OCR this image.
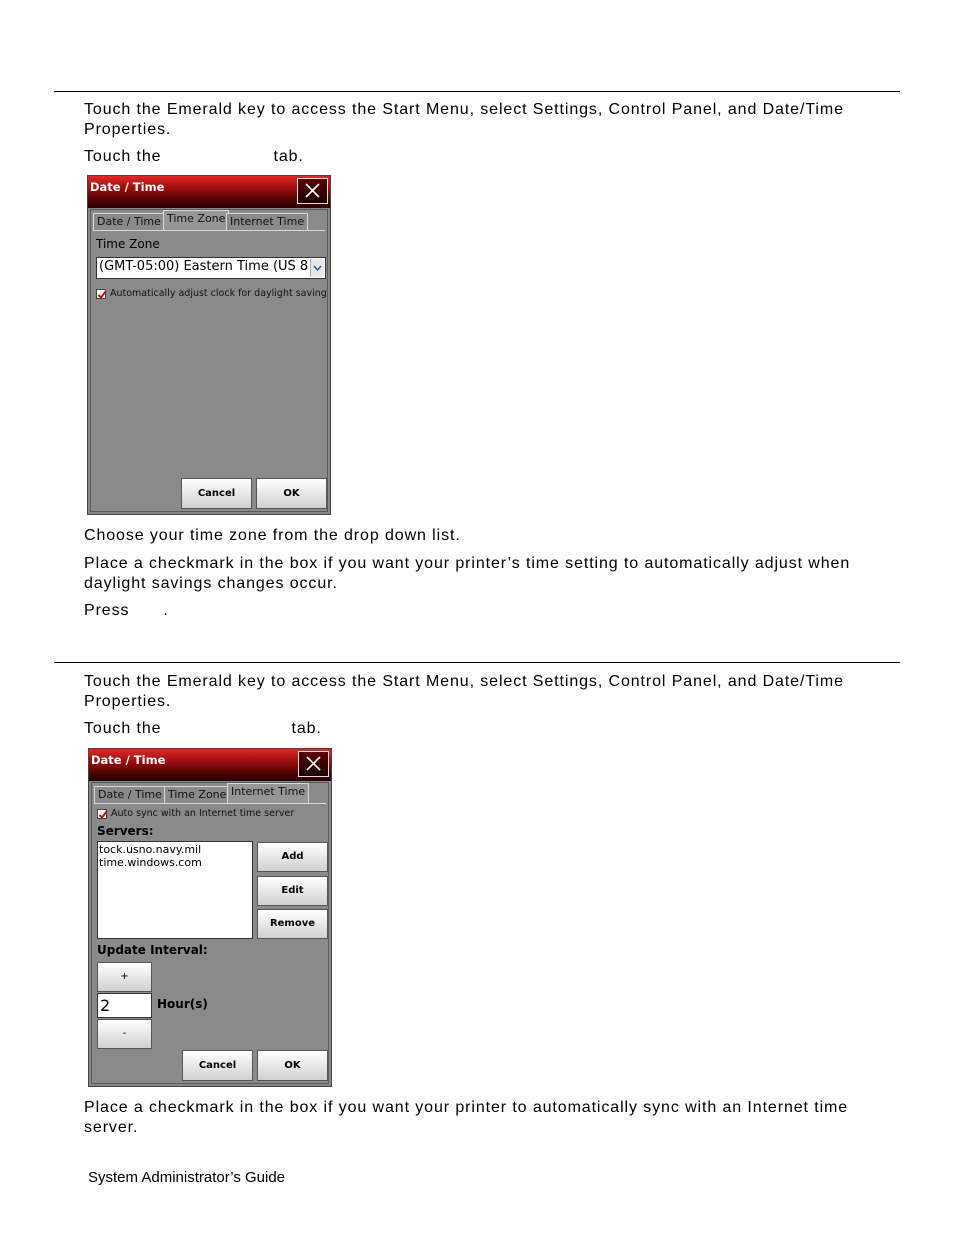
Touch the Emerald key to access the Start Menu, select Settings, Control Panel, and Date/Time Properties.

Touch the	tab.

Date / Time
Date / Time Time Zone Internet Time
Time Zone
(GMT-05:00) Eastern Time (US 8
Automatically adjust clock for daylight saving
Cancel	OK

Choose your time zone from the drop down list.

Place a checkmark in the box if you want your printer’s time setting to automatically adjust when daylight savings changes occur.

Press .

Touch the Emerald key to access the Start Menu, select Settings, Control Panel, and Date/Time Properties.

Touch the	tab.

Date / Time
Date / Time Time Zone Internet Time
Auto sync with an Internet time server
Servers:
tock.usno.navy.mil
time.windows.com	Add
Edit
Remove
Update Interval:
+
2	Hour(s)
-
Cancel	OK

Place a checkmark in the box if you want your printer to automatically sync with an Internet time server.

System Administrator’s Guide
